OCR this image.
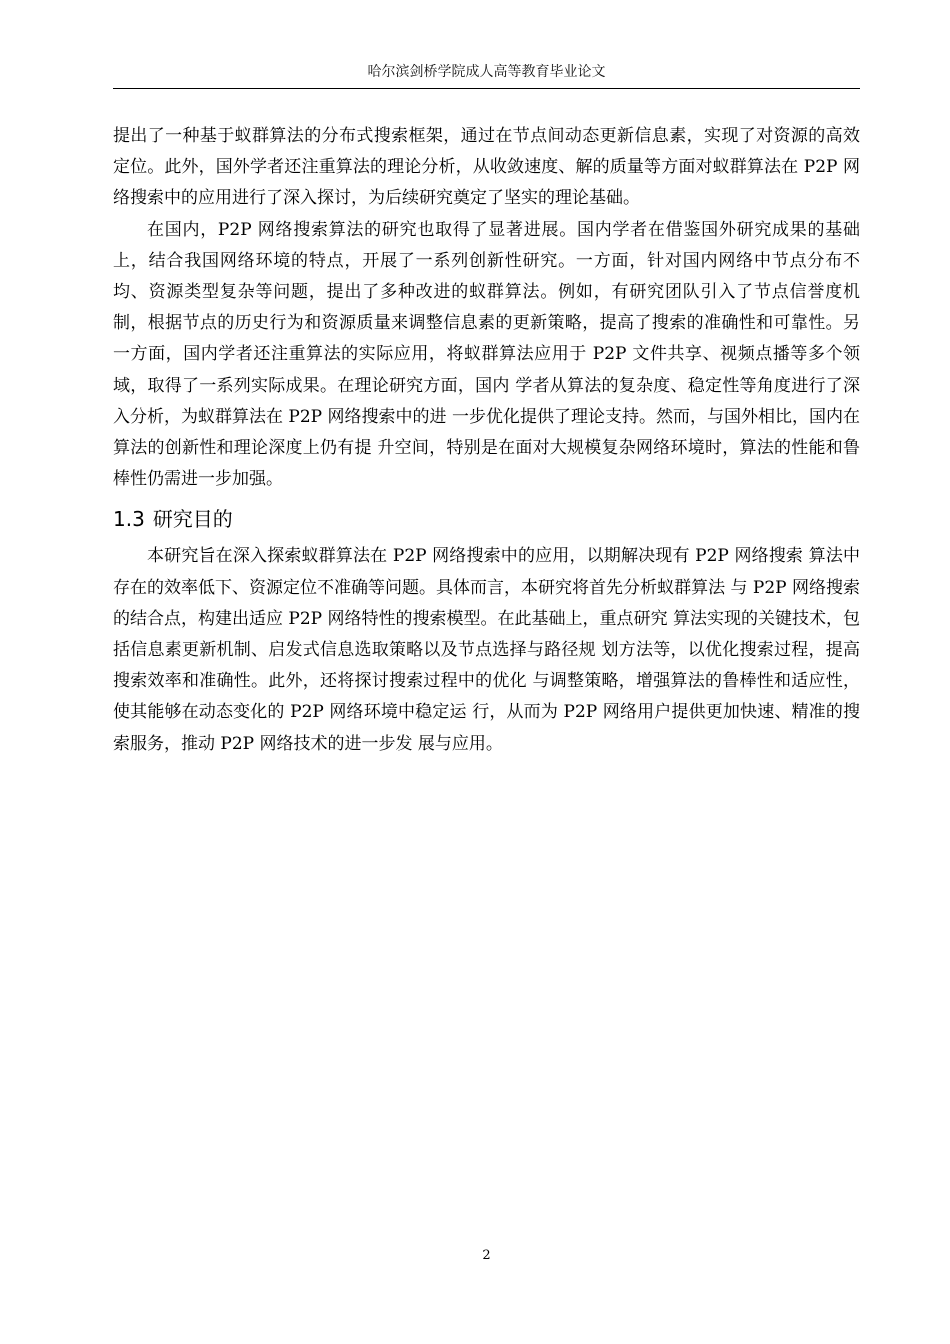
哈尔滨剑桥学院成人高等教育毕业论文

提出了一种基于蚁群算法的分布式搜索框架，通过在节点间动态更新信息素，实现了对资源的高效定位。此外，国外学者还注重算法的理论分析，从收敛速度、解的质量等方面对蚁群算法在 P2P 网络搜索中的应用进行了深入探讨，为后续研究奠定了坚实的理论基础。

在国内，P2P 网络搜索算法的研究也取得了显著进展。国内学者在借鉴国外研究成果的基础上，结合我国网络环境的特点，开展了一系列创新性研究。一方面，针对国内网络中节点分布不均、资源类型复杂等问题，提出了多种改进的蚁群算法。例如，有研究团队引入了节点信誉度机制，根据节点的历史行为和资源质量来调整信息素的更新策略，提高了搜索的准确性和可靠性。另一方面，国内学者还注重算法的实际应用，将蚁群算法应用于 P2P 文件共享、视频点播等多个领域，取得了一系列实际成果。在理论研究方面，国内 学者从算法的复杂度、稳定性等角度进行了深入分析，为蚁群算法在 P2P 网络搜索中的进 一步优化提供了理论支持。然而，与国外相比，国内在算法的创新性和理论深度上仍有提 升空间，特别是在面对大规模复杂网络环境时，算法的性能和鲁棒性仍需进一步加强。

1.3 研究目的

本研究旨在深入探索蚁群算法在 P2P 网络搜索中的应用，以期解决现有 P2P 网络搜索 算法中存在的效率低下、资源定位不准确等问题。具体而言，本研究将首先分析蚁群算法 与 P2P 网络搜索的结合点，构建出适应 P2P 网络特性的搜索模型。在此基础上，重点研究 算法实现的关键技术，包括信息素更新机制、启发式信息选取策略以及节点选择与路径规 划方法等，以优化搜索过程，提高搜索效率和准确性。此外，还将探讨搜索过程中的优化 与调整策略，增强算法的鲁棒性和适应性，使其能够在动态变化的 P2P 网络环境中稳定运 行，从而为 P2P 网络用户提供更加快速、精准的搜索服务，推动 P2P 网络技术的进一步发 展与应用。

2
